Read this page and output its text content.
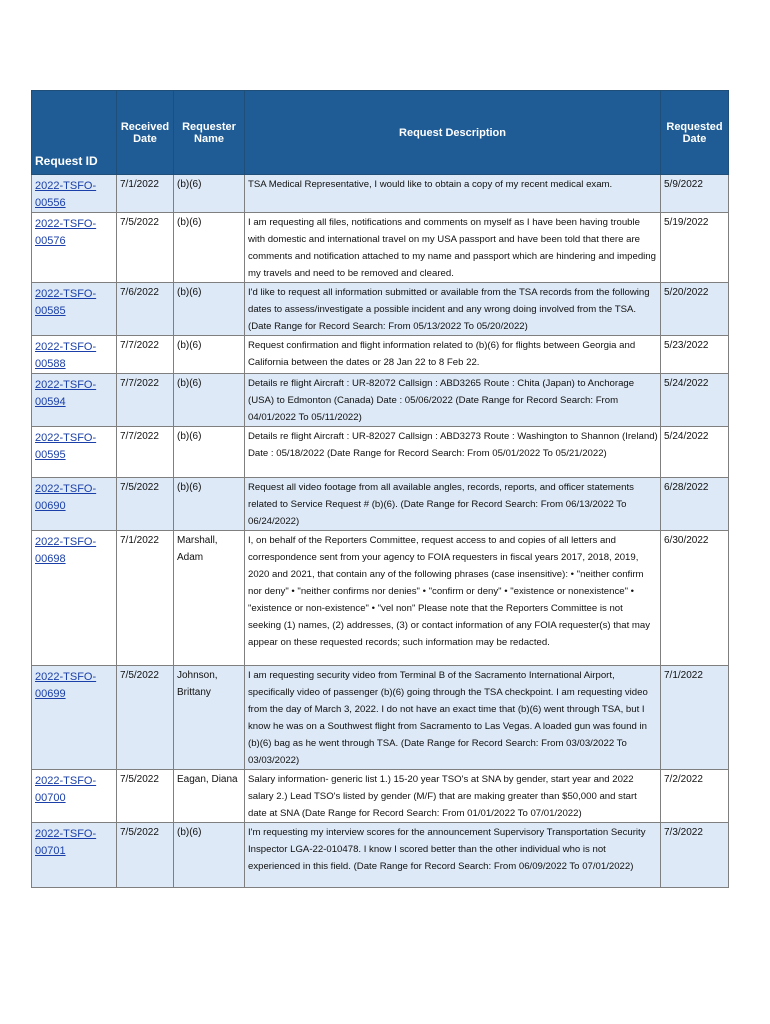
Request ID	Received Date	Requester Name	Request Description	Requested Date
2022-TSFO-00556	7/1/2022	(b)(6)	TSA Medical Representative, I would like to obtain a copy of my recent medical exam.	5/9/2022
2022-TSFO-00576	7/5/2022	(b)(6)	I am requesting all files, notifications and comments on myself as I have been having trouble with domestic and international travel on my USA passport and have been told that there are comments and notification attached to my name and passport which are hindering and impeding my travels and need to be removed and cleared.	5/19/2022
2022-TSFO-00585	7/6/2022	(b)(6)	I'd like to request all information submitted or available from the TSA records from the following dates to assess/investigate a possible incident and any wrong doing involved from the TSA. (Date Range for Record Search: From 05/13/2022 To 05/20/2022)	5/20/2022
2022-TSFO-00588	7/7/2022	(b)(6)	Request confirmation and flight information related to (b)(6) for flights between Georgia and California between the dates or 28 Jan 22 to 8 Feb 22.	5/23/2022
2022-TSFO-00594	7/7/2022	(b)(6)	Details re flight Aircraft : UR-82072 Callsign : ABD3265 Route : Chita (Japan) to Anchorage (USA) to Edmonton (Canada) Date : 05/06/2022 (Date Range for Record Search: From 04/01/2022 To 05/11/2022)	5/24/2022
2022-TSFO-00595	7/7/2022	(b)(6)	Details re flight Aircraft : UR-82027 Callsign : ABD3273 Route : Washington to Shannon (Ireland) Date : 05/18/2022 (Date Range for Record Search: From 05/01/2022 To 05/21/2022)	5/24/2022
2022-TSFO-00690	7/5/2022	(b)(6)	Request all video footage from all available angles, records, reports, and officer statements related to Service Request # (b)(6). (Date Range for Record Search: From 06/13/2022 To 06/24/2022)	6/28/2022
2022-TSFO-00698	7/1/2022	Marshall, Adam	I, on behalf of the Reporters Committee, request access to and copies of all letters and correspondence sent from your agency to FOIA requesters in fiscal years 2017, 2018, 2019, 2020 and 2021, that contain any of the following phrases (case insensitive): • "neither confirm nor deny" • "neither confirms nor denies" • "confirm or deny" • "existence or nonexistence" • "existence or non-existence" • "vel non" Please note that the Reporters Committee is not seeking (1) names, (2) addresses, (3) or contact information of any FOIA requester(s) that may appear on these requested records; such information may be redacted.	6/30/2022
2022-TSFO-00699	7/5/2022	Johnson, Brittany	I am requesting security video from Terminal B of the Sacramento International Airport, specifically video of passenger (b)(6) going through the TSA checkpoint. I am requesting video from the day of March 3, 2022. I do not have an exact time that (b)(6) went through TSA, but I know he was on a Southwest flight from Sacramento to Las Vegas. A loaded gun was found in (b)(6) bag as he went through TSA. (Date Range for Record Search: From 03/03/2022 To 03/03/2022)	7/1/2022
2022-TSFO-00700	7/5/2022	Eagan, Diana	Salary information- generic list 1.) 15-20 year TSO's at SNA by gender, start year and 2022 salary 2.) Lead TSO's listed by gender (M/F) that are making greater than $50,000 and start date at SNA (Date Range for Record Search: From 01/01/2022 To 07/01/2022)	7/2/2022
2022-TSFO-00701	7/5/2022	(b)(6)	I'm requesting my interview scores for the announcement Supervisory Transportation Security Inspector LGA-22-010478. I know I scored better than the other individual who is not experienced in this field. (Date Range for Record Search: From 06/09/2022 To 07/01/2022)	7/3/2022
